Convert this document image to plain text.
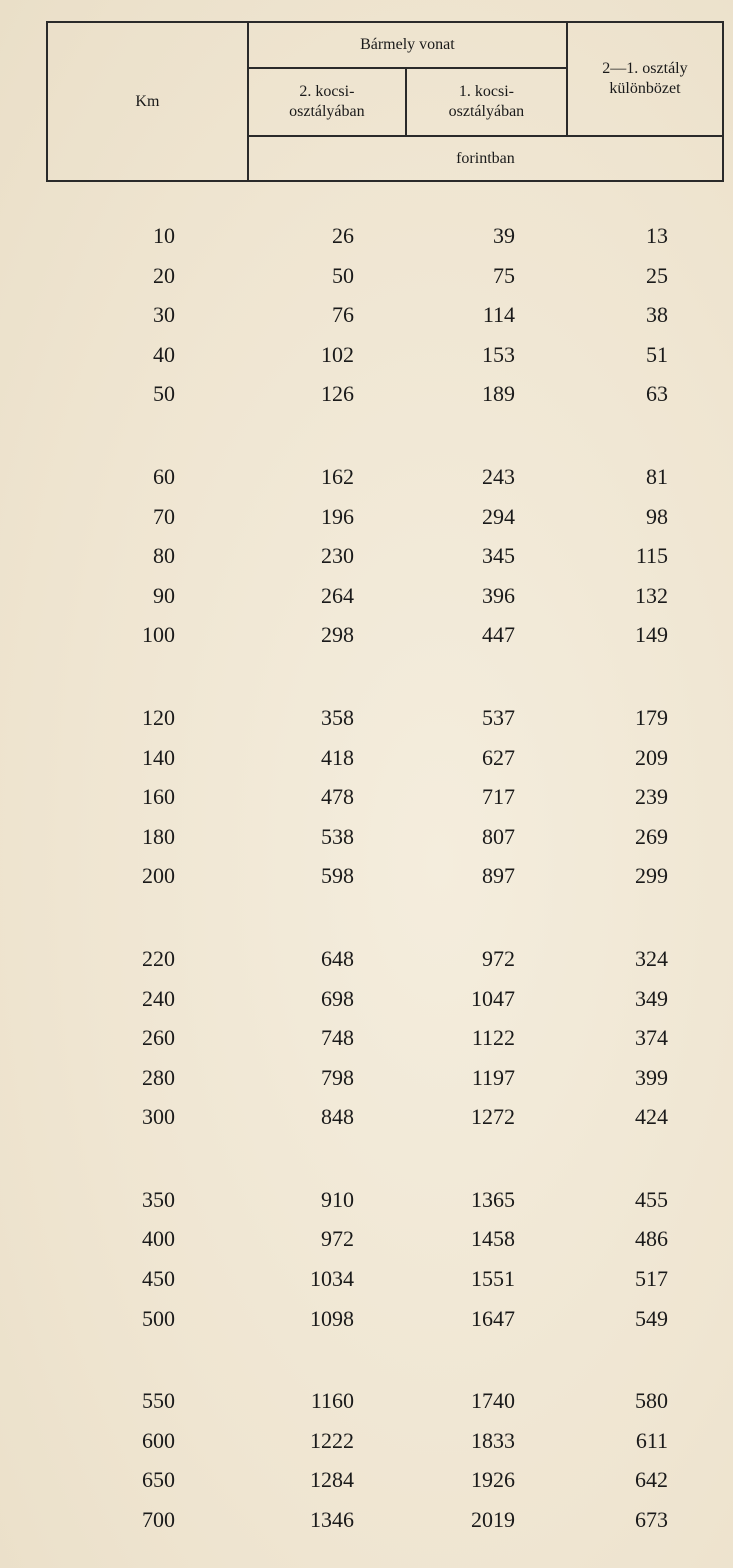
Km	Bármely vonat		2—1. osztály
különbözet
	2. kocsi-
osztályában	1. kocsi-
osztályában	
	forintban		
10	26	39	13
20	50	75	25
30	76	114	38
40	102	153	51
50	126	189	63
60	162	243	81
70	196	294	98
80	230	345	115
90	264	396	132
100	298	447	149
120	358	537	179
140	418	627	209
160	478	717	239
180	538	807	269
200	598	897	299
220	648	972	324
240	698	1047	349
260	748	1122	374
280	798	1197	399
300	848	1272	424
350	910	1365	455
400	972	1458	486
450	1034	1551	517
500	1098	1647	549
550	1160	1740	580
600	1222	1833	611
650	1284	1926	642
700	1346	2019	673
